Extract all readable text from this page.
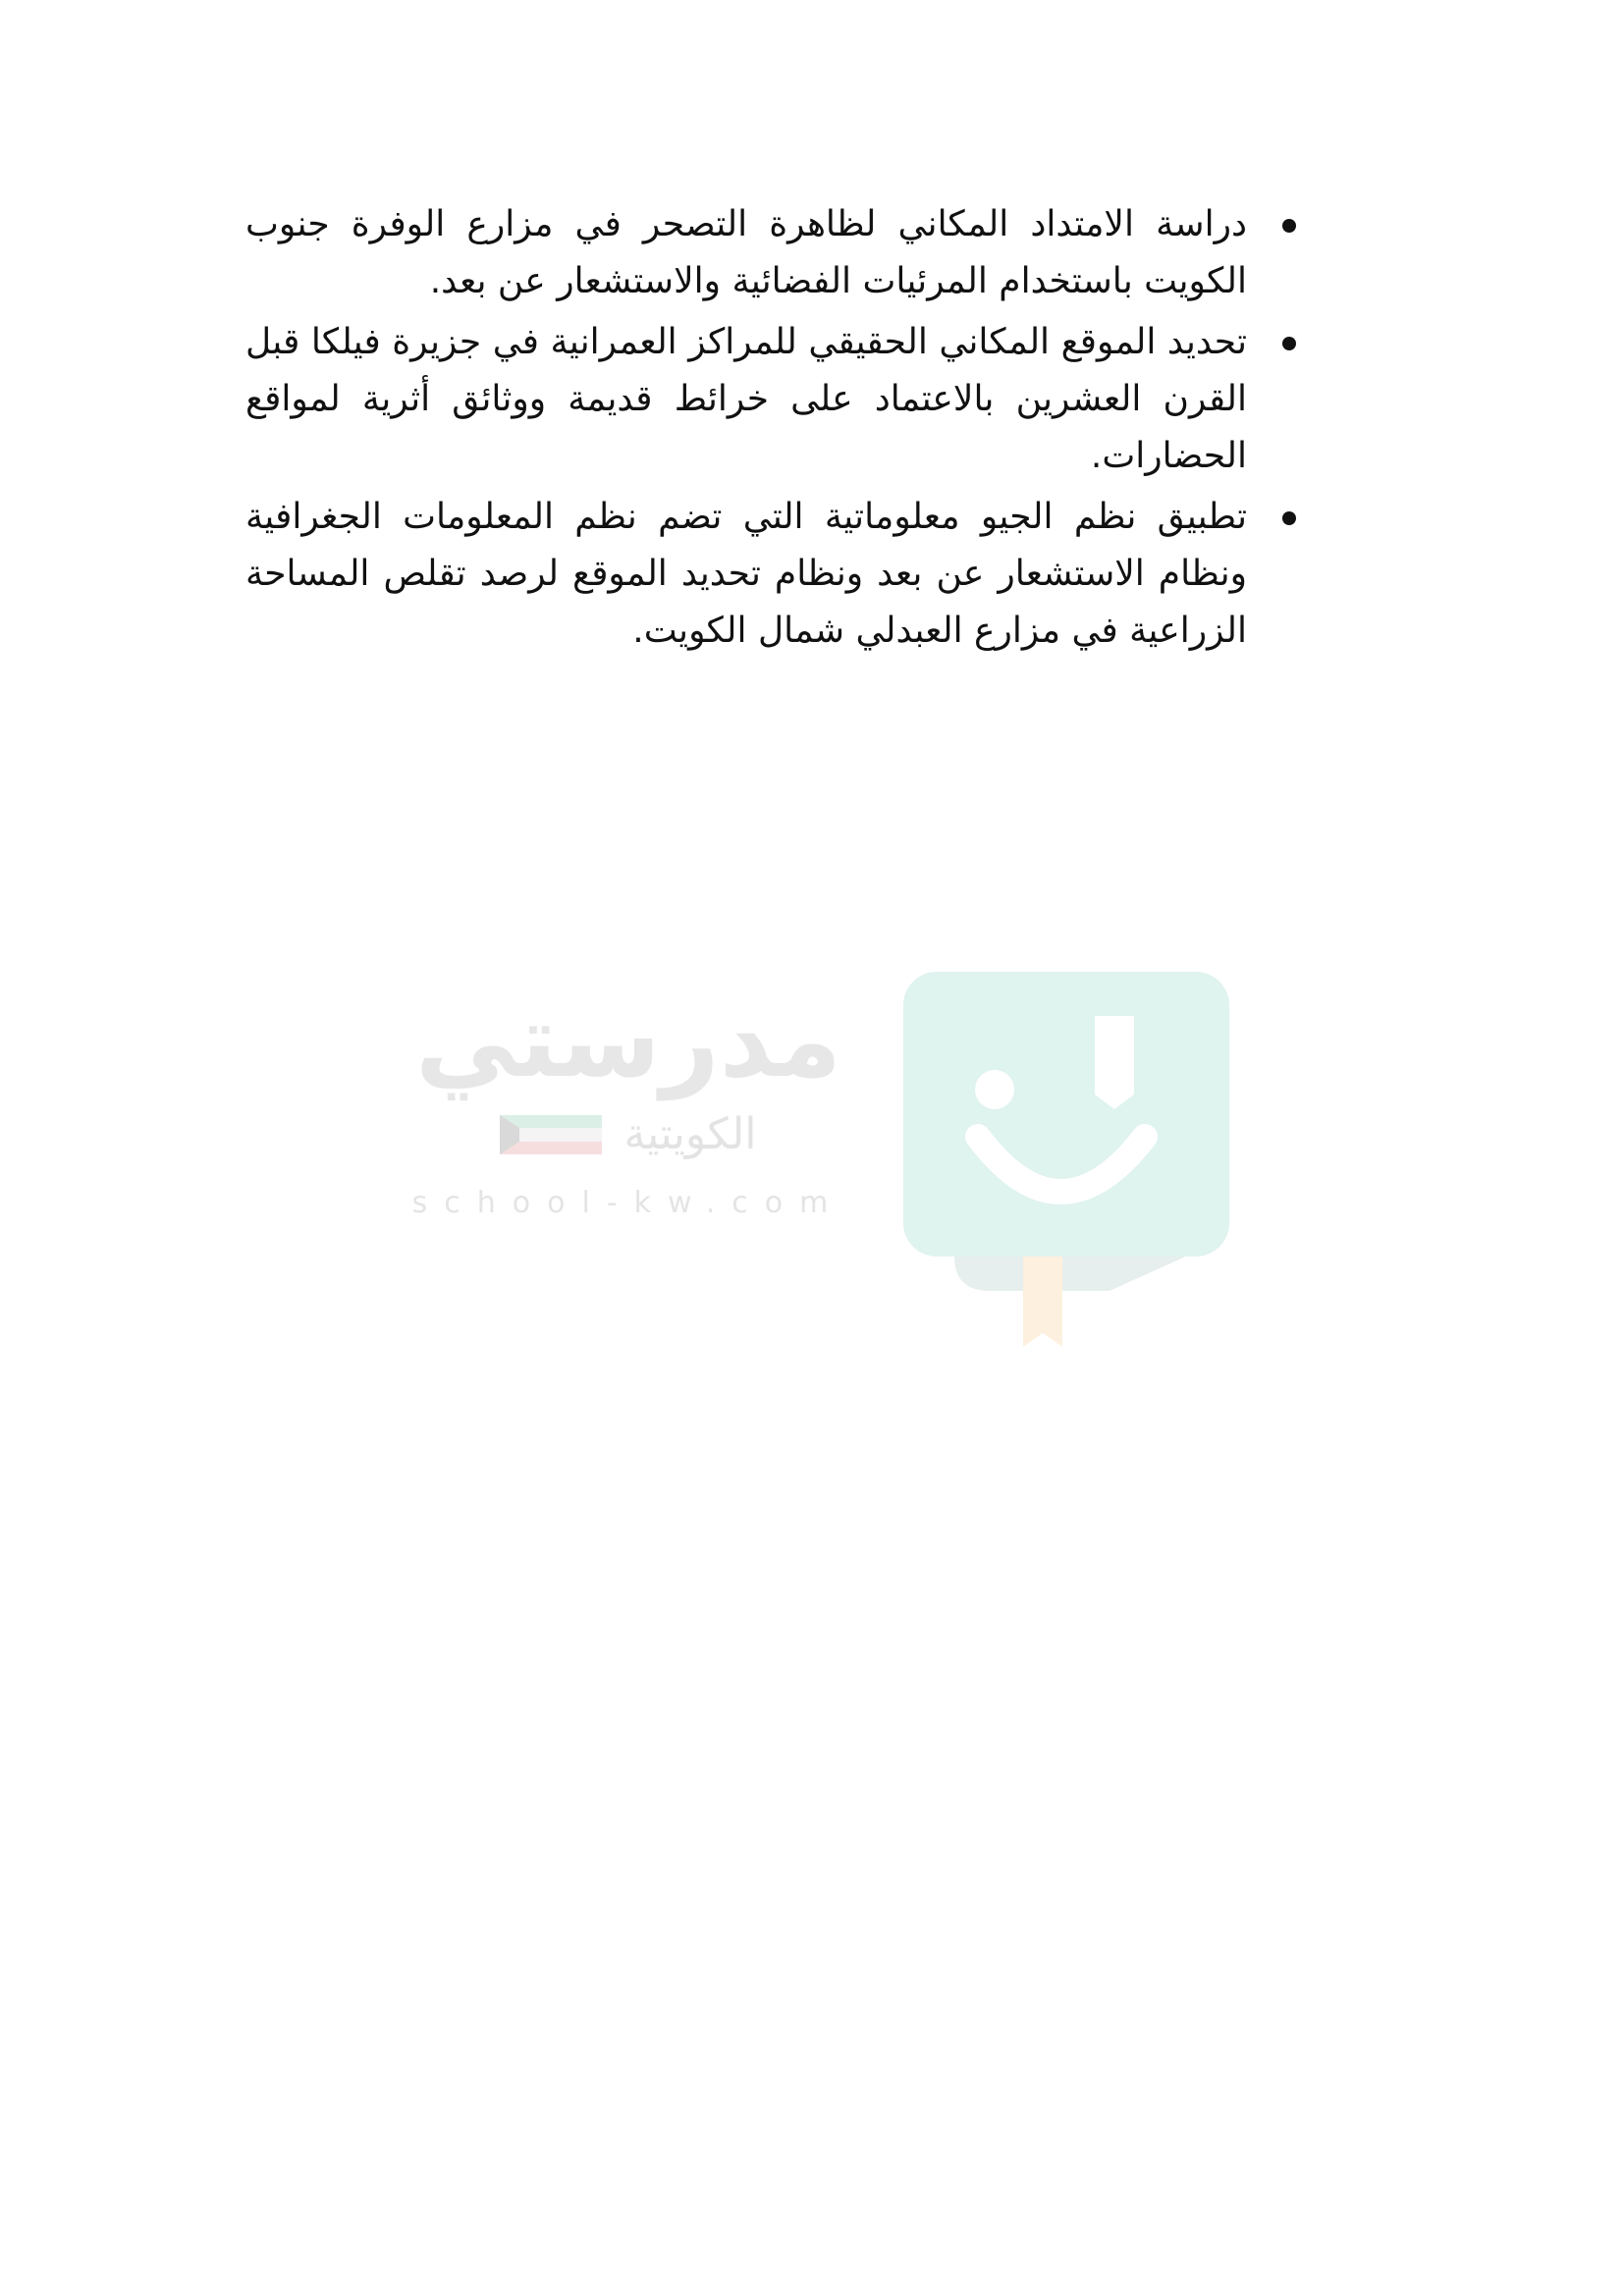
دراسة الامتداد المكاني لظاهرة التصحر في مزارع الوفرة جنوب الكويت باستخدام المرئيات الفضائية والاستشعار عن بعد.
تحديد الموقع المكاني الحقيقي للمراكز العمرانية في جزيرة فيلكا قبل القرن العشرين بالاعتماد على خرائط قديمة ووثائق أثرية لمواقع الحضارات.
تطبيق نظم الجيو معلوماتية التي تضم نظم المعلومات الجغرافية ونظام الاستشعار عن بعد ونظام تحديد الموقع لرصد تقلص المساحة الزراعية في مزارع العبدلي شمال الكويت.
مدرستي
الكويتية
school-kw.com
